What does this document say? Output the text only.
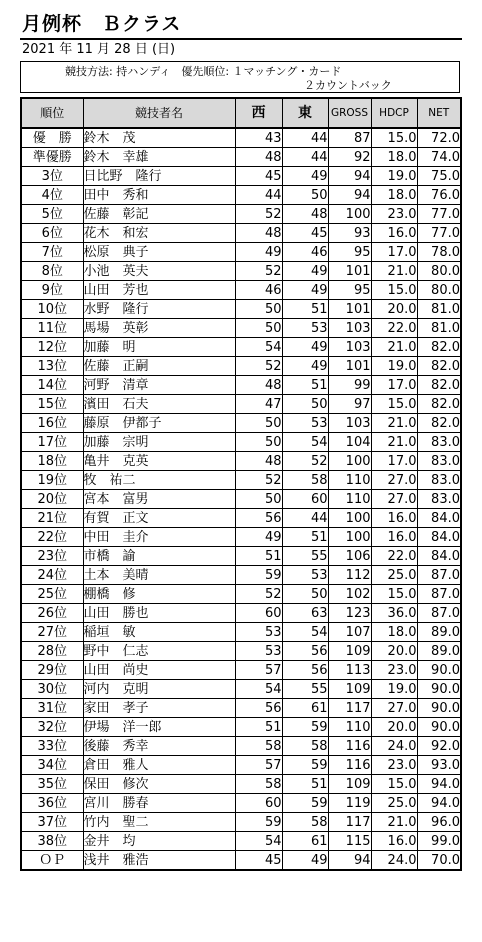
月例杯　Ｂクラス
2021 年 11 月 28 日 (日)
競技方法: 持ハンディ　優先順位: １マッチング・カード
２カウントバック
順位	競技者名	西	東	GROSS	HDCP	NET
優　勝	鈴木　茂	43	44	87	15.0	72.0
準優勝	鈴木　幸雄	48	44	92	18.0	74.0
3位	日比野　隆行	45	49	94	19.0	75.0
4位	田中　秀和	44	50	94	18.0	76.0
5位	佐藤　彰記	52	48	100	23.0	77.0
6位	花木　和宏	48	45	93	16.0	77.0
7位	松原　典子	49	46	95	17.0	78.0
8位	小池　英夫	52	49	101	21.0	80.0
9位	山田　芳也	46	49	95	15.0	80.0
10位	水野　隆行	50	51	101	20.0	81.0
11位	馬場　英彰	50	53	103	22.0	81.0
12位	加藤　明	54	49	103	21.0	82.0
13位	佐藤　正嗣	52	49	101	19.0	82.0
14位	河野　清章	48	51	99	17.0	82.0
15位	濱田　石夫	47	50	97	15.0	82.0
16位	藤原　伊都子	50	53	103	21.0	82.0
17位	加藤　宗明	50	54	104	21.0	83.0
18位	亀井　克英	48	52	100	17.0	83.0
19位	牧　祐二	52	58	110	27.0	83.0
20位	宮本　富男	50	60	110	27.0	83.0
21位	有賀　正文	56	44	100	16.0	84.0
22位	中田　圭介	49	51	100	16.0	84.0
23位	市橋　諭	51	55	106	22.0	84.0
24位	土本　美晴	59	53	112	25.0	87.0
25位	棚橋　修	52	50	102	15.0	87.0
26位	山田　勝也	60	63	123	36.0	87.0
27位	稲垣　敏	53	54	107	18.0	89.0
28位	野中　仁志	53	56	109	20.0	89.0
29位	山田　尚史	57	56	113	23.0	90.0
30位	河内　克明	54	55	109	19.0	90.0
31位	家田　孝子	56	61	117	27.0	90.0
32位	伊場　洋一郎	51	59	110	20.0	90.0
33位	後藤　秀幸	58	58	116	24.0	92.0
34位	倉田　雅人	57	59	116	23.0	93.0
35位	保田　修次	58	51	109	15.0	94.0
36位	宮川　勝春	60	59	119	25.0	94.0
37位	竹内　聖二	59	58	117	21.0	96.0
38位	金井　均	54	61	115	16.0	99.0
ＯＰ	浅井　雅浩	45	49	94	24.0	70.0
